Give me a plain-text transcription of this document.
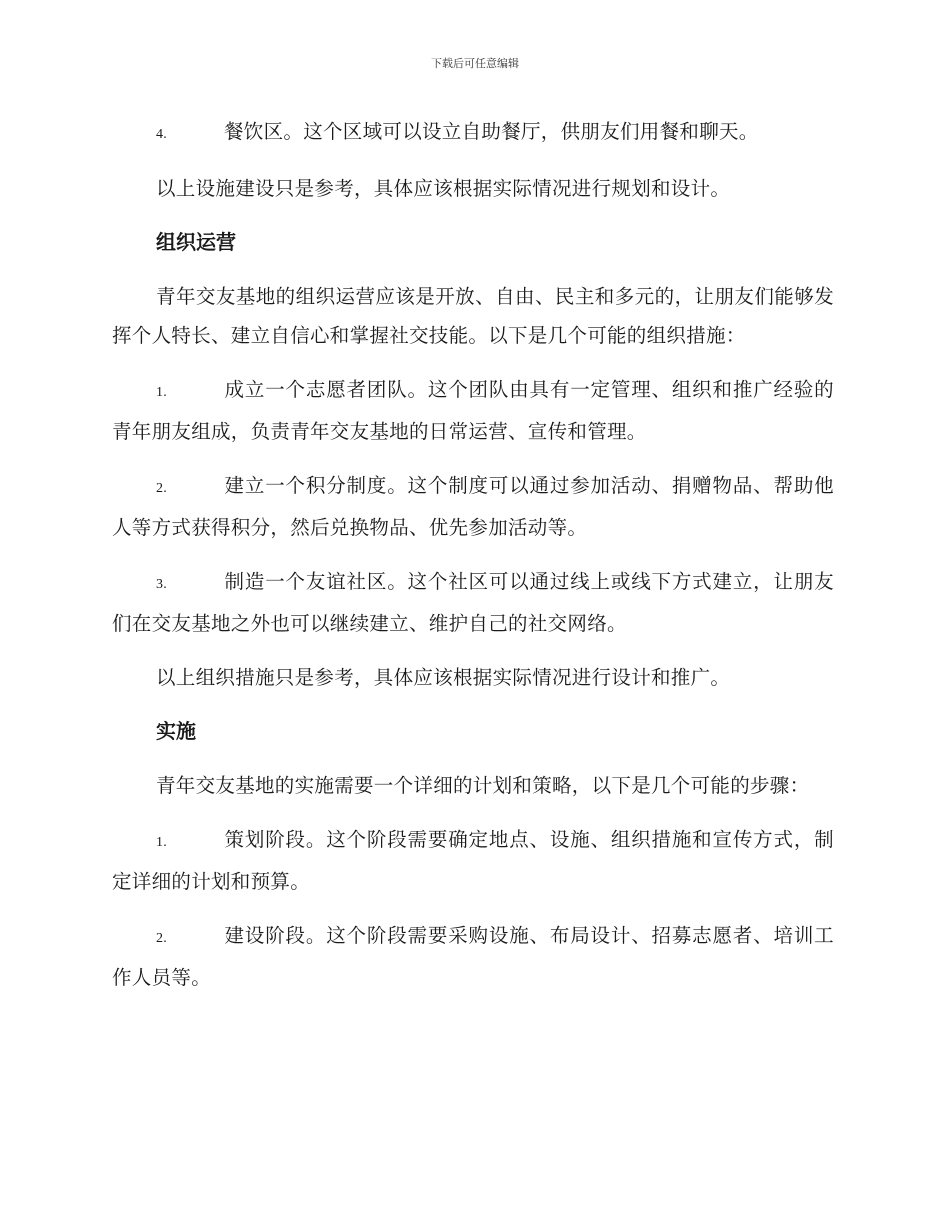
下载后可任意编辑

4.	餐饮区。这个区域可以设立自助餐厅，供朋友们用餐和聊天。

以上设施建设只是参考，具体应该根据实际情况进行规划和设计。

组织运营

青年交友基地的组织运营应该是开放、自由、民主和多元的，让朋友们能够发挥个人特长、建立自信心和掌握社交技能。以下是几个可能的组织措施：

1.	成立一个志愿者团队。这个团队由具有一定管理、组织和推广经验的青年朋友组成，负责青年交友基地的日常运营、宣传和管理。

2.	建立一个积分制度。这个制度可以通过参加活动、捐赠物品、帮助他人等方式获得积分，然后兑换物品、优先参加活动等。

3.	制造一个友谊社区。这个社区可以通过线上或线下方式建立，让朋友们在交友基地之外也可以继续建立、维护自己的社交网络。

以上组织措施只是参考，具体应该根据实际情况进行设计和推广。

实施

青年交友基地的实施需要一个详细的计划和策略，以下是几个可能的步骤：

1.	策划阶段。这个阶段需要确定地点、设施、组织措施和宣传方式，制定详细的计划和预算。

2.	建设阶段。这个阶段需要采购设施、布局设计、招募志愿者、培训工作人员等。
